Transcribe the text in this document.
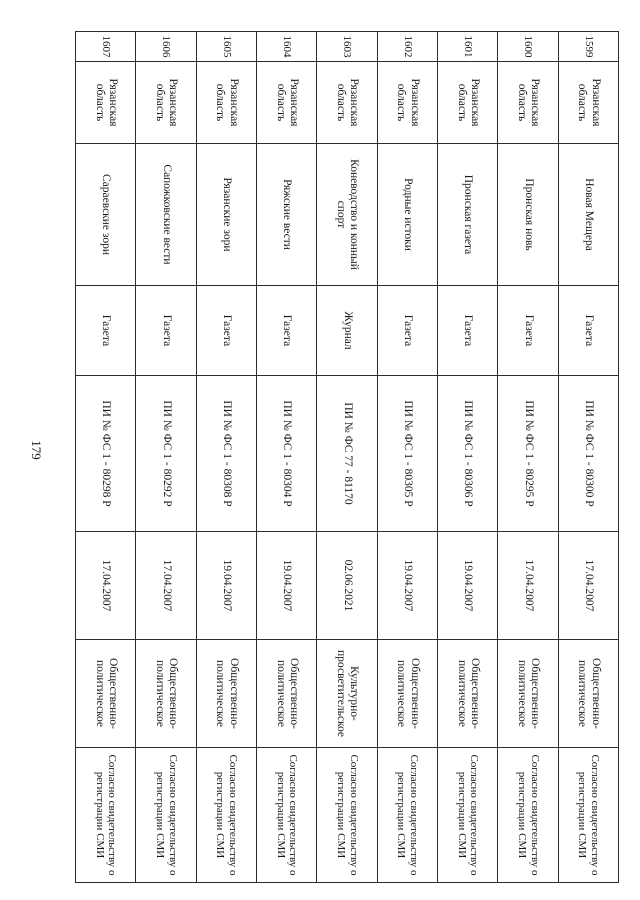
179
1599	Рязанская область	Новая Мещера	Газета	ПИ № ФС 1 - 80300 Р	17.04.2007	Общественно-политическое	Согласно свидетельству о регистрации СМИ
1600	Рязанская область	Пронская новь	Газета	ПИ № ФС 1 - 80295 Р	17.04.2007	Общественно-политическое	Согласно свидетельству о регистрации СМИ
1601	Рязанская область	Пронская газета	Газета	ПИ № ФС 1 - 80306 Р	19.04.2007	Общественно-политическое	Согласно свидетельству о регистрации СМИ
1602	Рязанская область	Родные истоки	Газета	ПИ № ФС 1 - 80305 Р	19.04.2007	Общественно-политическое	Согласно свидетельству о регистрации СМИ
1603	Рязанская область	Коневодство и конный спорт	Журнал	ПИ № ФС 77 - 81170	02.06.2021	Культурно-просветительское	Согласно свидетельству о регистрации СМИ
1604	Рязанская область	Ряжские вести	Газета	ПИ № ФС 1 - 80304 Р	19.04.2007	Общественно-политическое	Согласно свидетельству о регистрации СМИ
1605	Рязанская область	Рязанские зори	Газета	ПИ № ФС 1 - 80308 Р	19.04.2007	Общественно-политическое	Согласно свидетельству о регистрации СМИ
1606	Рязанская область	Сапожковские вести	Газета	ПИ № ФС 1 - 80292 Р	17.04.2007	Общественно-политическое	Согласно свидетельству о регистрации СМИ
1607	Рязанская область	Сараевские зори	Газета	ПИ № ФС 1 - 80298 Р	17.04.2007	Общественно-политическое	Согласно свидетельству о регистрации СМИ
